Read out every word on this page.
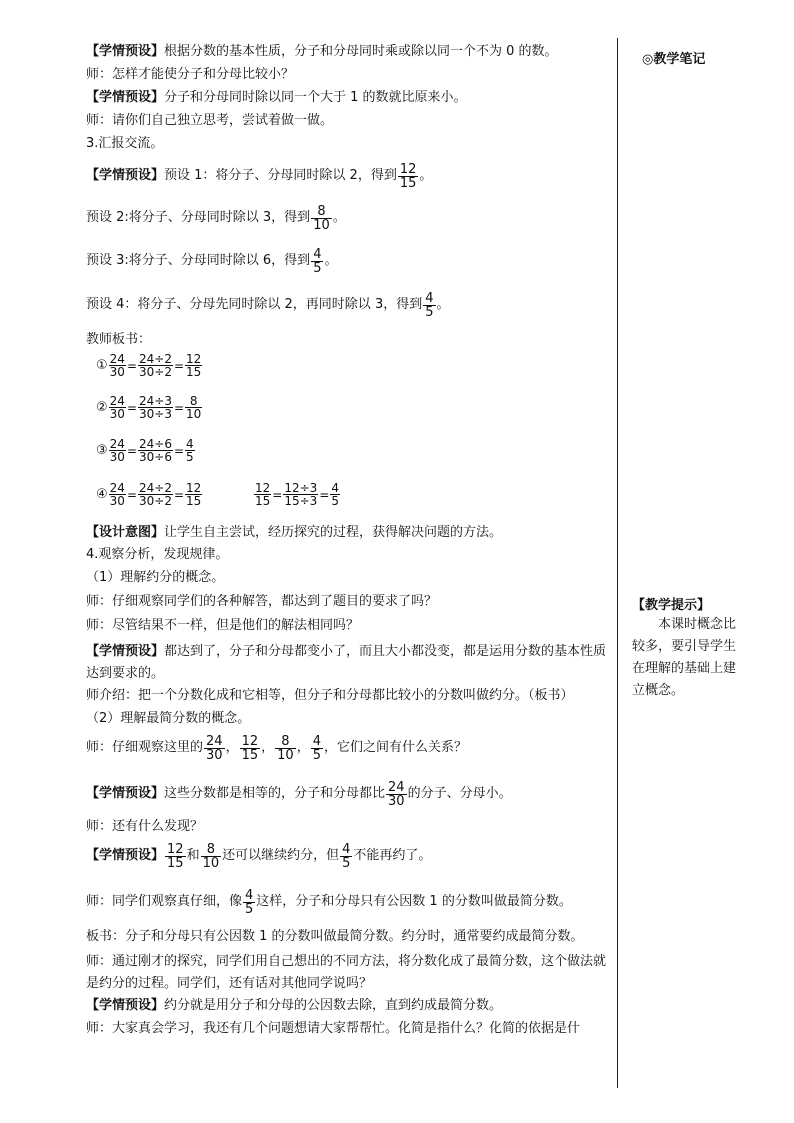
【学情预设】根据分数的基本性质，分子和分母同时乘或除以同一个不为 0 的数。
师：怎样才能使分子和分母比较小？
【学情预设】分子和分母同时除以同一个大于 1 的数就比原来小。
师：请你们自己独立思考，尝试着做一做。
3.汇报交流。
【学情预设】 预设 1：将分子、分母同时除以 2，得到 $\frac{12}{15}$ 。
预设 2:将分子、分母同时除以 3，得到 $\frac{8}{10}$ 。
预设 3:将分子、分母同时除以 6，得到 $\frac{4}{5}$ 。
预设 4：将分子、分母先同时除以 2，再同时除以 3，得到 $\frac{4}{5}$ 。
教师板书：
① $\frac{24}{30} = \frac{24\div 2}{30\div 2} = \frac{12}{15}$
② $\frac{24}{30} = \frac{24\div 3}{30\div 3} = \frac{8}{10}$
③ $\frac{24}{30} = \frac{24\div 6}{30\div 6} = \frac{4}{5}$
④ $\frac{24}{30} = \frac{24\div 2}{30\div 2} = \frac{12}{15}$	$\frac{12}{15} = \frac{12\div 3}{15\div 3} = \frac{4}{5}$
【设计意图】让学生自主尝试，经历探究的过程，获得解决问题的方法。
4.观察分析，发现规律。
（1）理解约分的概念。
师：仔细观察同学们的各种解答，都达到了题目的要求了吗？
师：尽管结果不一样，但是他们的解法相同吗？
【学情预设】都达到了，分子和分母都变小了，而且大小都没变，都是运用分数的基本性质达到要求的。
师介绍：把一个分数化成和它相等，但分子和分母都比较小的分数叫做约分。（板书）
（2）理解最简分数的概念。
师：仔细观察这里的 $\frac{24}{30}$ ， $\frac{12}{15}$ ， $\frac{8}{10}$ ， $\frac{4}{5}$ ，它们之间有什么关系？
【学情预设】 这些分数都是相等的，分子和分母都比 $\frac{24}{30}$ 的分子、分母小。
师：还有什么发现？
【学情预设】 $\frac{12}{15}$ 和 $\frac{8}{10}$ 还可以继续约分，但 $\frac{4}{5}$ 不能再约了。
师：同学们观察真仔细，像 $\frac{4}{5}$ 这样，分子和分母只有公因数 1 的分数叫做最简分数。
板书：分子和分母只有公因数 1 的分数叫做最简分数。约分时，通常要约成最简分数。
师：通过刚才的探究，同学们用自己想出的不同方法，将分数化成了最简分数，这个做法就是约分的过程。同学们，还有话对其他同学说吗？
【学情预设】约分就是用分子和分母的公因数去除，直到约成最简分数。
师：大家真会学习，我还有几个问题想请大家帮帮忙。化简是指什么？化简的依据是什
◎教学笔记
【教学提示】
本课时概念比较多，要引导学生在理解的基础上建立概念。
